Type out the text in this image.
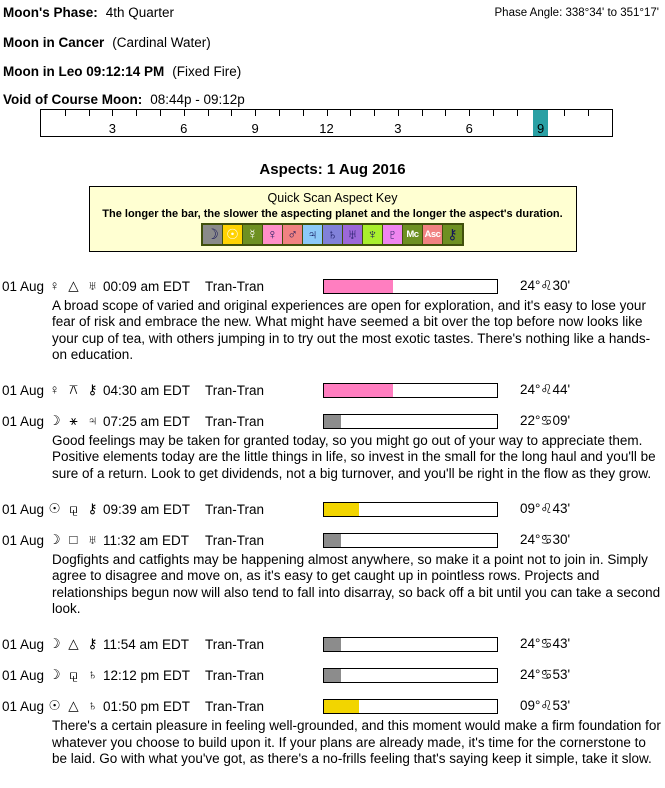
Moon's Phase: 4th Quarter	Phase Angle: 338°34' to 351°17'
Moon in Cancer (Cardinal Water)
Moon in Leo 09:12:14 PM (Fixed Fire)
Void of Course Moon: 08:44p - 09:12p
3	6	9	12	3	6	9
Aspects: 1 Aug 2016
Quick Scan Aspect Key
The longer the bar, the slower the aspecting planet and the longer the aspect's duration.
☽ ☉ ☿ ♀ ♂ ♃ ♄ ♅ ♆ ♇ Mc Asc ⚷
01 Aug ♀ △ ♅ 00:09 am EDT	Tran-Tran	24°♌30'
A broad scope of varied and original experiences are open for exploration, and it's easy to lose your fear of risk and embrace the new. What might have seemed a bit over the top before now looks like your cup of tea, with others jumping in to try out the most exotic tastes. There's nothing like a hands-on education.
01 Aug ♀ ⚻ ⚷ 04:30 am EDT	Tran-Tran	24°♌44'
01 Aug ☽ ⚹ ♃ 07:25 am EDT	Tran-Tran	22°♋09'
Good feelings may be taken for granted today, so you might go out of your way to appreciate them. Positive elements today are the little things in life, so invest in the small for the long haul and you'll be sure of a return. Look to get dividends, not a big turnover, and you'll be right in the flow as they grow.
01 Aug ☉ ⚼ ⚷ 09:39 am EDT	Tran-Tran	09°♌43'
01 Aug ☽ □ ♅ 11:32 am EDT	Tran-Tran	24°♋30'
Dogfights and catfights may be happening almost anywhere, so make it a point not to join in. Simply agree to disagree and move on, as it's easy to get caught up in pointless rows. Projects and relationships begun now will also tend to fall into disarray, so back off a bit until you can take a second look.
01 Aug ☽ △ ⚷ 11:54 am EDT	Tran-Tran	24°♋43'
01 Aug ☽ ⚼ ♄ 12:12 pm EDT	Tran-Tran	24°♋53'
01 Aug ☉ △ ♄ 01:50 pm EDT	Tran-Tran	09°♌53'
There's a certain pleasure in feeling well-grounded, and this moment would make a firm foundation for whatever you choose to build upon it. If your plans are already made, it's time for the cornerstone to be laid. Go with what you've got, as there's a no-frills feeling that's saying keep it simple, take it slow.
